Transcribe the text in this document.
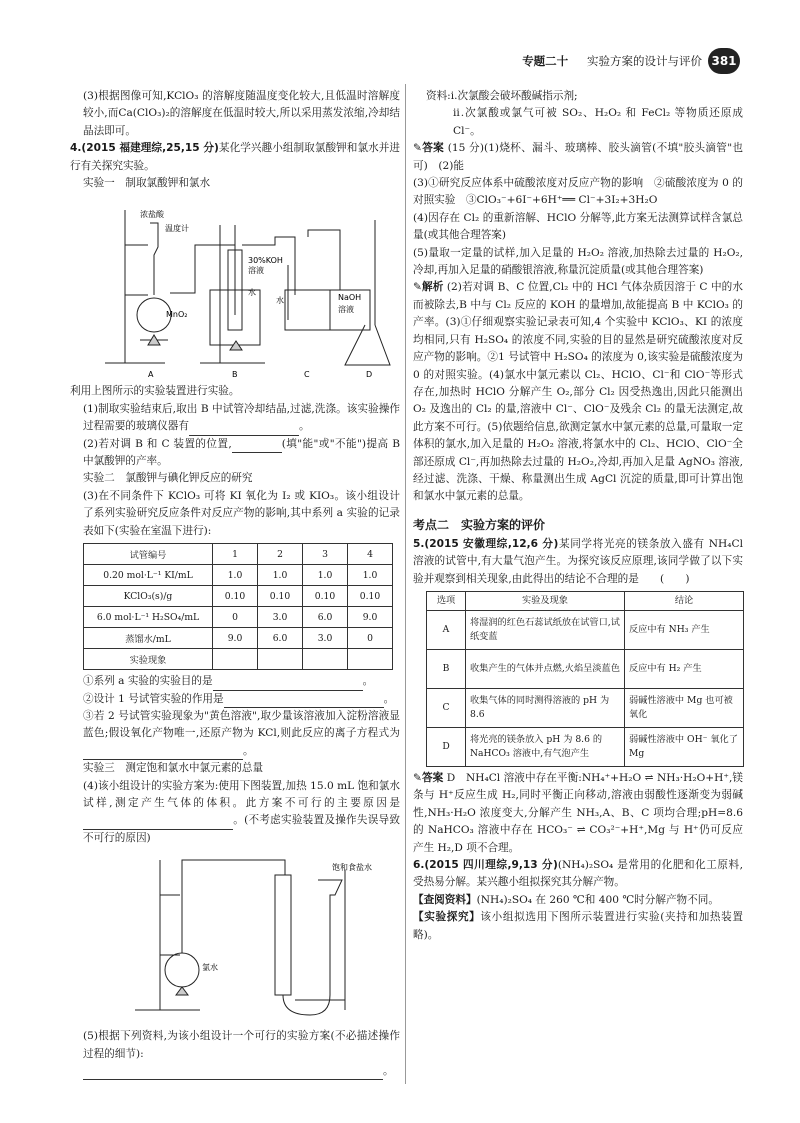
专题二十 　 实验方案的设计与评价 381

(3)根据图像可知,KClO₃ 的溶解度随温度变化较大,且低温时溶解度较小,而Ca(ClO₃)₂的溶解度在低温时较大,所以采用蒸发浓缩,冷却结晶法即可。

4.(2015 福建理综,25,15 分)某化学兴趣小组制取氯酸钾和氯水并进行有关探究实验。

实验一　制取氯酸钾和氯水

浓盐酸
温度计
30%KOH
溶液
水
MnO₂
水	NaOH
溶液
A	B	C	D

利用上图所示的实验装置进行实验。

(1)制取实验结束后,取出 B 中试管冷却结晶,过滤,洗涤。该实验操作过程需要的玻璃仪器有	。

(2)若对调 B 和 C 装置的位置,	(填"能"或"不能")提高 B 中氯酸钾的产率。

实验二　氯酸钾与碘化钾反应的研究

(3)在不同条件下 KClO₃ 可将 KI 氧化为 I₂ 或 KIO₃。该小组设计了系列实验研究反应条件对反应产物的影响,其中系列 a 实验的记录表如下(实验在室温下进行):

试管编号	1	2	3	4
0.20 mol·L⁻¹ KI/mL	1.0	1.0	1.0	1.0
KClO₃(s)/g	0.10	0.10	0.10	0.10
6.0 mol·L⁻¹ H₂SO₄/mL	0	3.0	6.0	9.0
蒸馏水/mL	9.0	6.0	3.0	0
实验现象				

①系列 a 实验的实验目的是	。

②设计 1 号试管实验的作用是	。

③若 2 号试管实验现象为"黄色溶液",取少量该溶液加入淀粉溶液显蓝色;假设氧化产物唯一,还原产物为 KCl,则此反应的离子方程式为。

实验三　测定饱和氯水中氯元素的总量

(4)该小组设计的实验方案为:使用下图装置,加热 15.0 mL 饱和氯水试样,测定产生气体的体积。此方案不可行的主要原因是。(不考虑实验装置及操作失误导致不可行的原因)

饱和食盐水
氯水

(5)根据下列资料,为该小组设计一个可行的实验方案(不必描述操作过程的细节):

。

资料:ⅰ.次氯酸会破坏酸碱指示剂;

ⅱ.次氯酸或氯气可被 SO₂、H₂O₂ 和 FeCl₂ 等物质还原成 Cl⁻。

✎答案 (15 分)(1)烧杯、漏斗、玻璃棒、胶头滴管(不填"胶头滴管"也可)　(2)能

(3)①研究反应体系中硫酸浓度对反应产物的影响　②硫酸浓度为 0 的对照实验　③ClO₃⁻+6I⁻+6H⁺══ Cl⁻+3I₂+3H₂O

(4)因存在 Cl₂ 的重新溶解、HClO 分解等,此方案无法测算试样含氯总量(或其他合理答案)

(5)量取一定量的试样,加入足量的 H₂O₂ 溶液,加热除去过量的 H₂O₂,冷却,再加入足量的硝酸银溶液,称量沉淀质量(或其他合理答案)

✎解析 (2)若对调 B、C 位置,Cl₂ 中的 HCl 气体杂质因溶于 C 中的水而被除去,B 中与 Cl₂ 反应的 KOH 的量增加,故能提高 B 中 KClO₃ 的产率。(3)①仔细观察实验记录表可知,4 个实验中 KClO₃、KI 的浓度均相同,只有 H₂SO₄ 的浓度不同,实验的目的显然是研究硫酸浓度对反应产物的影响。②1 号试管中 H₂SO₄ 的浓度为 0,该实验是硫酸浓度为 0 的对照实验。(4)氯水中氯元素以 Cl₂、HClO、Cl⁻和 ClO⁻等形式存在,加热时 HClO 分解产生 O₂,部分 Cl₂ 因受热逸出,因此只能测出 O₂ 及逸出的 Cl₂ 的量,溶液中 Cl⁻、ClO⁻及残余 Cl₂ 的量无法测定,故此方案不可行。(5)依题给信息,欲测定氯水中氯元素的总量,可量取一定体积的氯水,加入足量的 H₂O₂ 溶液,将氯水中的 Cl₂、HClO、ClO⁻全部还原成 Cl⁻,再加热除去过量的 H₂O₂,冷却,再加入足量 AgNO₃ 溶液,经过滤、洗涤、干燥、称量测出生成 AgCl 沉淀的质量,即可计算出饱和氯水中氯元素的总量。

考点二　实验方案的评价

5.(2015 安徽理综,12,6 分)某同学将光亮的镁条放入盛有 NH₄Cl 溶液的试管中,有大量气泡产生。为探究该反应原理,该同学做了以下实验并观察到相关现象,由此得出的结论不合理的是　　 (　　)

选项	实验及现象	结论
A	将湿润的红色石蕊试纸放在试管口,试纸变蓝	反应中有 NH₃ 产生
B	收集产生的气体并点燃,火焰呈淡蓝色	反应中有 H₂ 产生
C	收集气体的同时测得溶液的 pH 为 8.6	弱碱性溶液中 Mg 也可被氧化
D	将光亮的镁条放入 pH 为 8.6 的 NaHCO₃ 溶液中,有气泡产生	弱碱性溶液中 OH⁻ 氧化了 Mg

✎答案 D　NH₄Cl 溶液中存在平衡:NH₄⁺+H₂O ⇌ NH₃·H₂O+H⁺,镁条与 H⁺反应生成 H₂,同时平衡正向移动,溶液由弱酸性逐渐变为弱碱性,NH₃·H₂O 浓度变大,分解产生 NH₃,A、B、C 项均合理;pH=8.6 的 NaHCO₃ 溶液中存在 HCO₃⁻ ⇌ CO₃²⁻+H⁺,Mg 与 H⁺仍可反应产生 H₂,D 项不合理。

6.(2015 四川理综,9,13 分)(NH₄)₂SO₄ 是常用的化肥和化工原料,受热易分解。某兴趣小组拟探究其分解产物。

【查阅资料】(NH₄)₂SO₄ 在 260 ℃和 400 ℃时分解产物不同。

【实验探究】该小组拟选用下图所示装置进行实验(夹持和加热装置略)。
